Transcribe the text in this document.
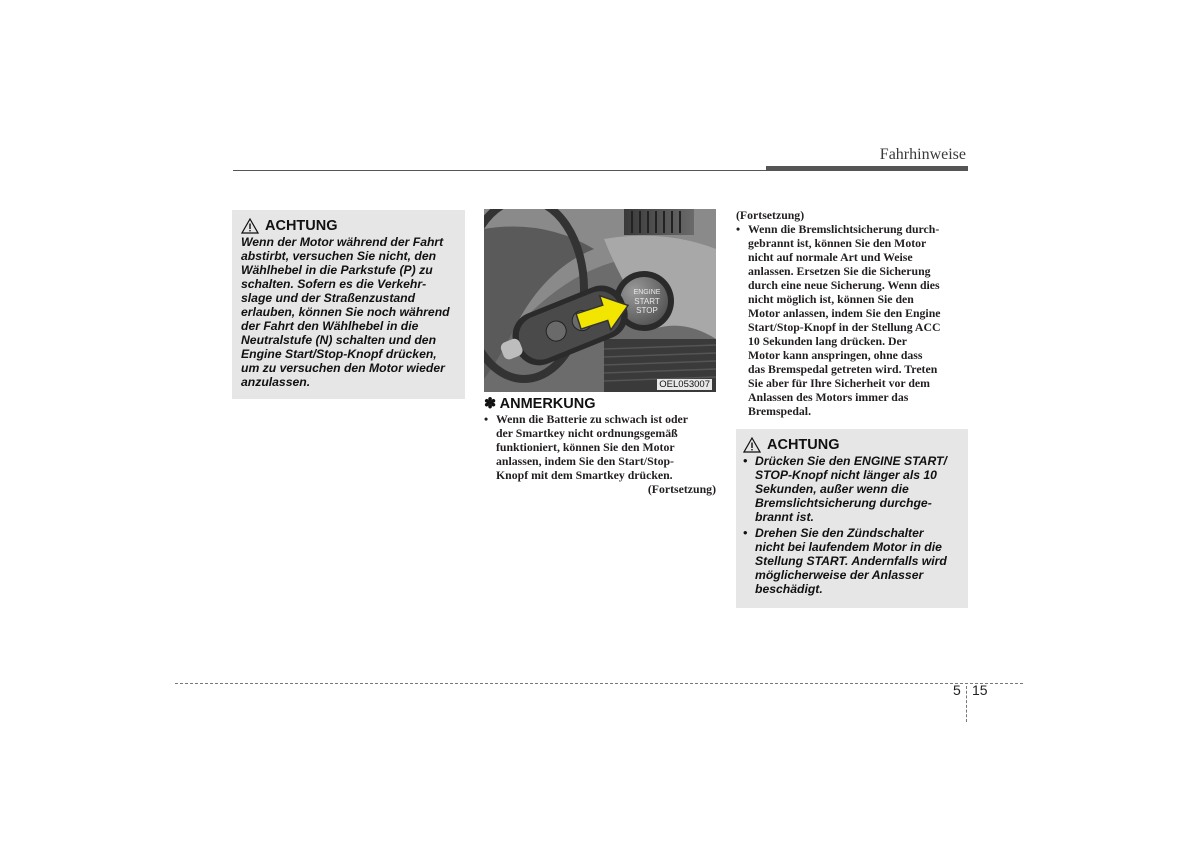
Fahrhinweise
ACHTUNG
Wenn der Motor während der Fahrt
abstirbt, versuchen Sie nicht, den
Wählhebel in die Parkstufe (P) zu
schalten. Sofern es die Verkehr-
slage und der Straßenzustand
erlauben, können Sie noch während
der Fahrt den Wählhebel in die
Neutralstufe (N) schalten und den
Engine Start/Stop-Knopf drücken,
um zu versuchen den Motor wieder
anzulassen.
ENGINE
START
STOP
OEL053007
✽ ANMERKUNG
• Wenn die Batterie zu schwach ist oder
der Smartkey nicht ordnungsgemäß
funktioniert, können Sie den Motor
anlassen, indem Sie den Start/Stop-
Knopf mit dem Smartkey drücken.
(Fortsetzung)
(Fortsetzung)
• Wenn die Bremslichtsicherung durch-
gebrannt ist, können Sie den Motor
nicht auf normale Art und Weise
anlassen. Ersetzen Sie die Sicherung
durch eine neue Sicherung. Wenn dies
nicht möglich ist, können Sie den
Motor anlassen, indem Sie den Engine
Start/Stop-Knopf in der Stellung ACC
10 Sekunden lang drücken. Der
Motor kann anspringen, ohne dass
das Bremspedal getreten wird. Treten
Sie aber für Ihre Sicherheit vor dem
Anlassen des Motors immer das
Bremspedal.
ACHTUNG
• Drücken Sie den ENGINE START/
STOP-Knopf nicht länger als 10
Sekunden, außer wenn die
Bremslichtsicherung durchge-
brannt ist.
• Drehen Sie den Zündschalter
nicht bei laufendem Motor in die
Stellung START. Andernfalls wird
möglicherweise der Anlasser
beschädigt.
5 15
